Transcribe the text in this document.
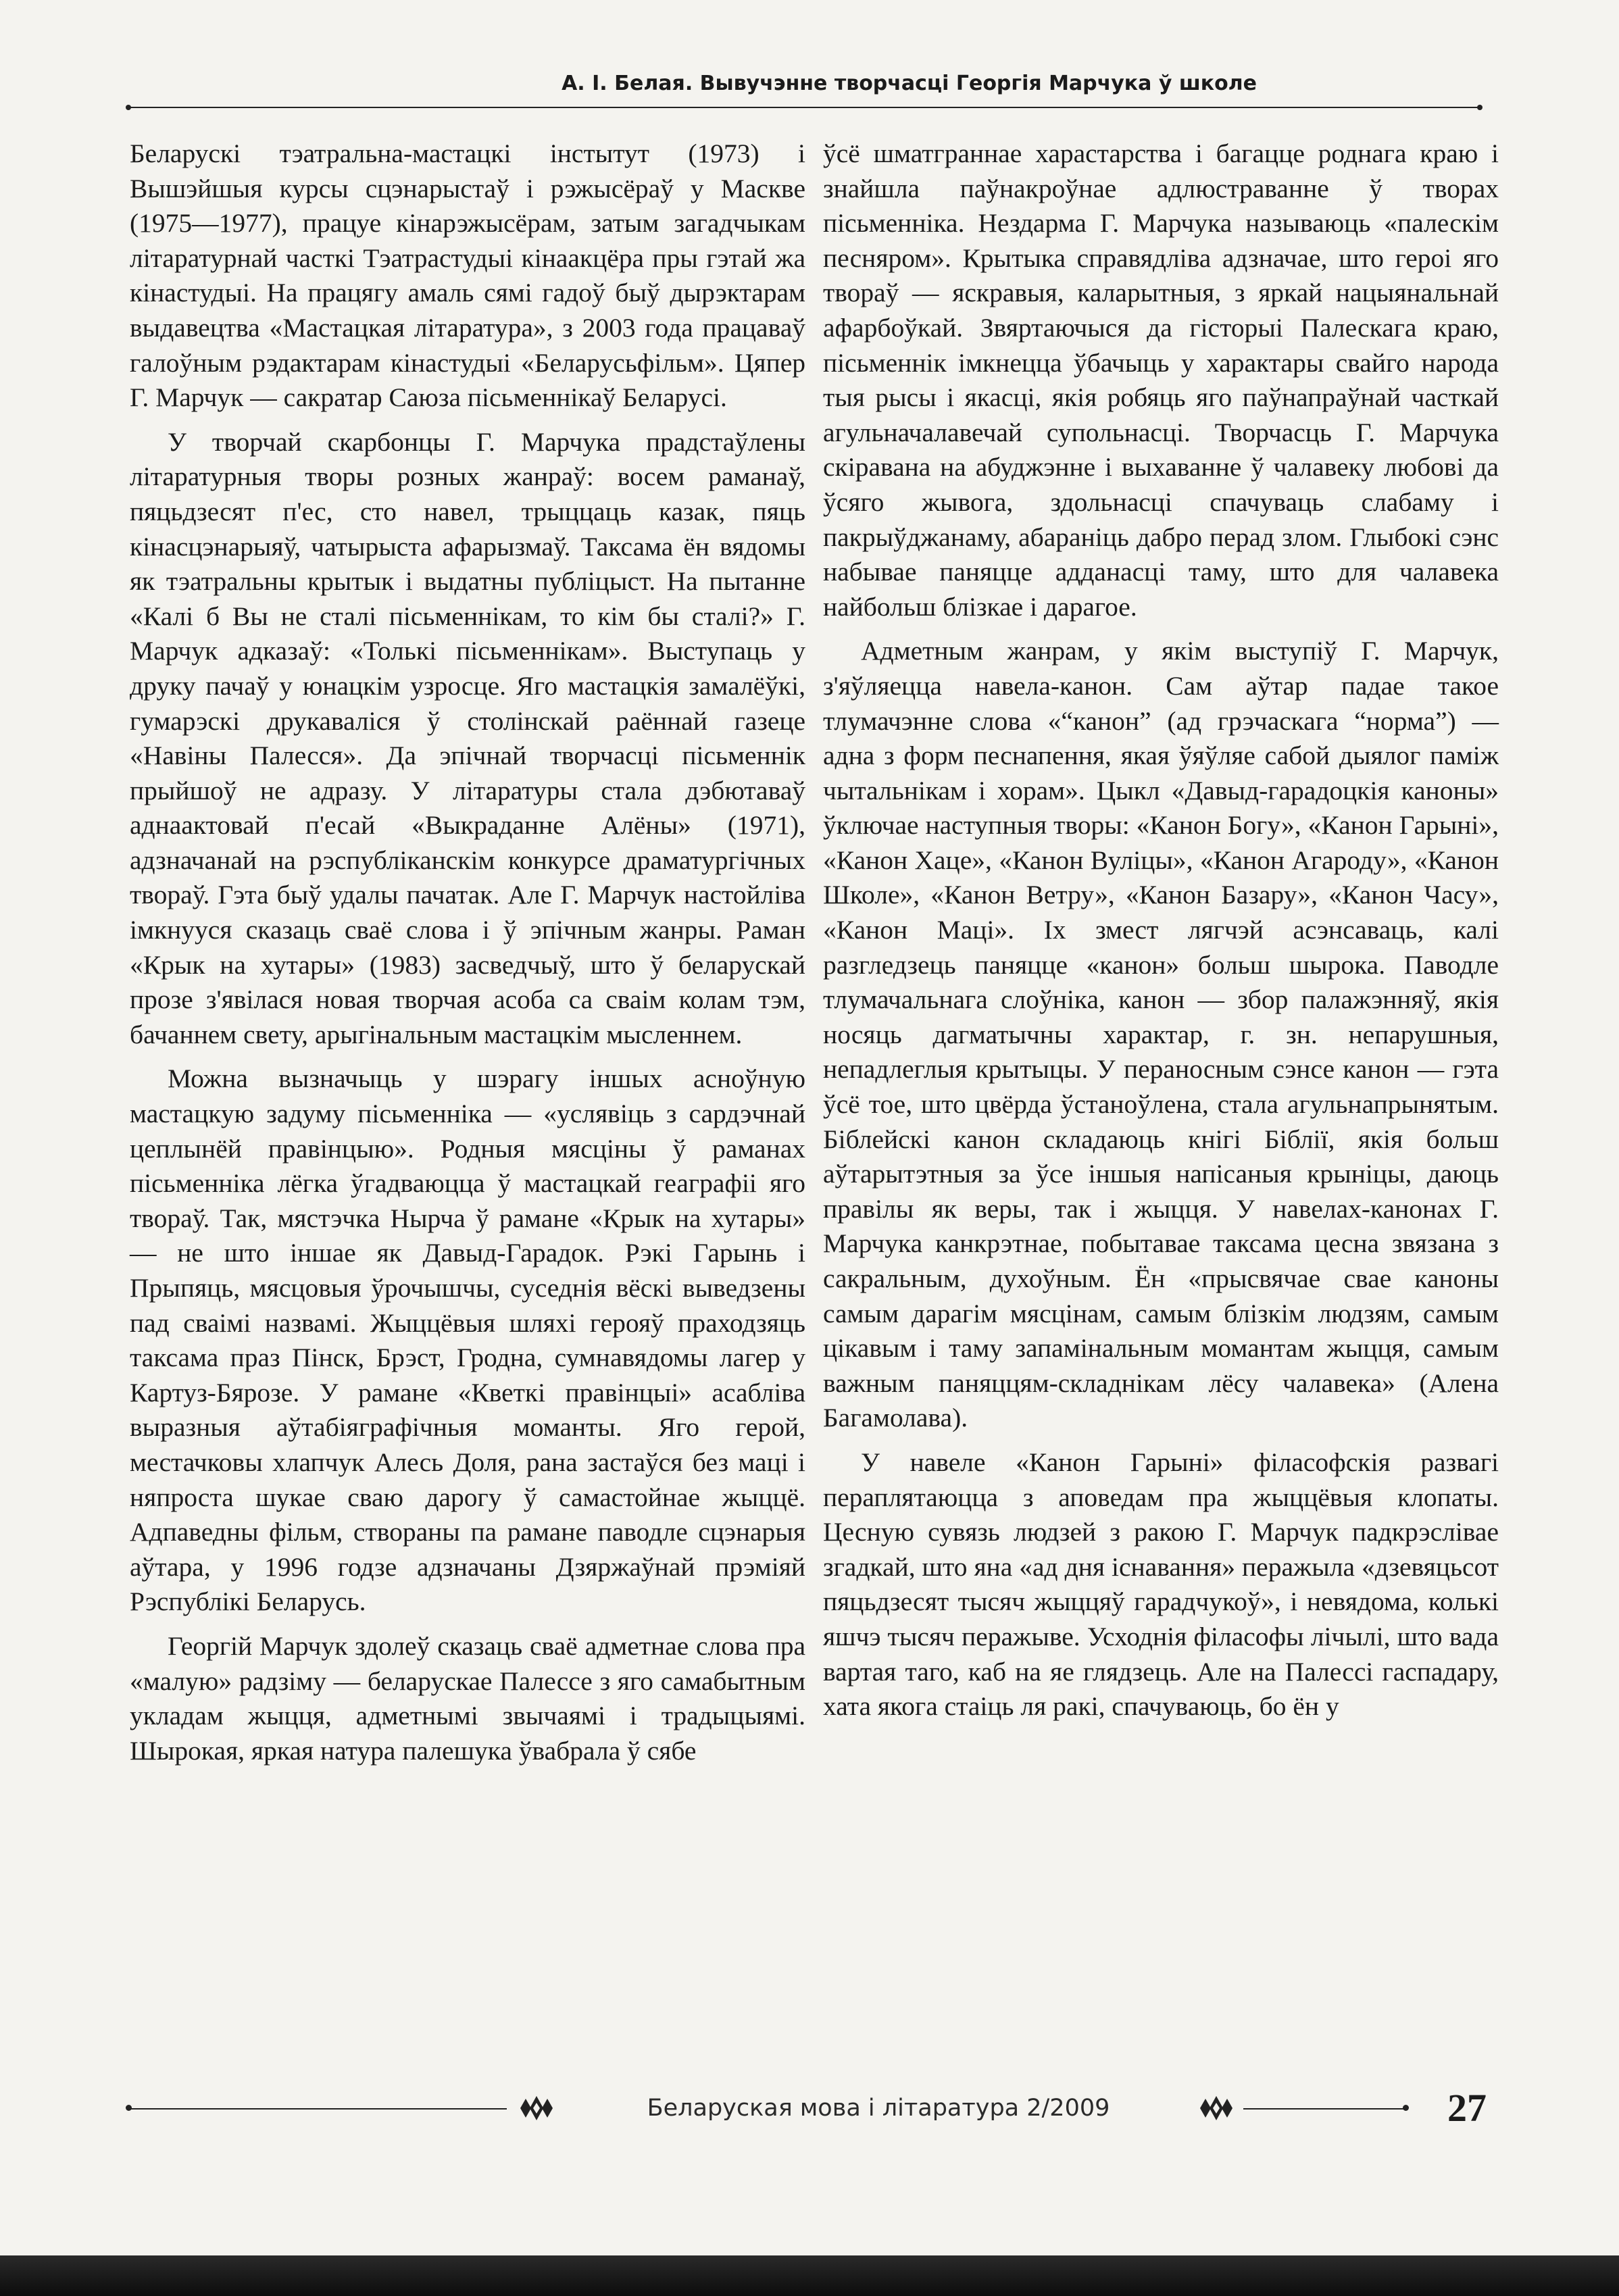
А. І. Белая. Вывучэнне творчасці Георгія Марчука ў школе

Беларускі тэатральна-мастацкі інстытут (1973) і Вышэйшыя курсы сцэнарыстаў і рэжысёраў у Маскве (1975—1977), працуе кінарэжысёрам, затым загадчыкам літаратурнай часткі Тэатрастудыі кінаакцёра пры гэтай жа кінастудыі. На працягу амаль сямі гадоў быў дырэктарам выдавецтва «Мастацкая літаратура», з 2003 года працаваў галоўным рэдактарам кінастудыі «Беларусьфільм». Цяпер Г. Марчук — сакратар Саюза пісьменнікаў Беларусі.

У творчай скарбонцы Г. Марчука прадстаўлены літаратурныя творы розных жанраў: восем раманаў, пяцьдзесят п'ес, сто навел, трыццаць казак, пяць кінасцэнарыяў, чатырыста афарызмаў. Таксама ён вядомы як тэатральны крытык і выдатны публіцыст. На пытанне «Калі б Вы не сталі пісьменнікам, то кім бы сталі?» Г. Марчук адказаў: «Толькі пісьменнікам». Выступаць у друку пачаў у юнацкім узросце. Яго мастацкія замалёўкі, гумарэскі друкаваліся ў столінскай раённай газеце «Навіны Палесся». Да эпічнай творчасці пісьменнік прыйшоў не адразу. У літаратуры стала дэбютаваў аднаактовай п'есай «Выкраданне Алёны» (1971), адзначанай на рэспубліканскім конкурсе драматургічных твораў. Гэта быў удалы пачатак. Але Г. Марчук настойліва імкнууся сказаць сваё слова і ў эпічным жанры. Раман «Крык на хутары» (1983) засведчыў, што ў беларускай прозе з'явілася новая творчая асоба са сваім колам тэм, бачаннем свету, арыгінальным мастацкім мысленнем.

Можна вызначыць у шэрагу іншых асноўную мастацкую задуму пісьменніка — «услявіць з сардэчнай цеплынёй правінцыю». Родныя мясціны ў раманах пісьменніка лёгка ўгадваюцца ў мастацкай геаграфіі яго твораў. Так, мястэчка Нырча ў рамане «Крык на хутары» — не што іншае як Давыд-Гарадок. Рэкі Гарынь і Прыпяць, мясцовыя ўрочышчы, суседнія вёскі выведзены пад сваімі назвамі. Жыццёвыя шляхі герояў праходзяць таксама праз Пінск, Брэст, Гродна, сумнавядомы лагер у Картуз-Бярозе. У рамане «Кветкі правінцыі» асабліва выразныя аўтабіяграфічныя моманты. Яго герой, местачковы хлапчук Алесь Доля, рана застаўся без маці і няпроста шукае сваю дарогу ў самастойнае жыццё. Адпаведны фільм, створаны па рамане паводле сцэнарыя аўтара, у 1996 годзе адзначаны Дзяржаўнай прэміяй Рэспублікі Беларусь.

Георгій Марчук здолеў сказаць сваё адметнае слова пра «малую» радзіму — беларускае Палессе з яго самабытным укладам жыцця, адметнымі звычаямі і традыцыямі. Шырокая, яркая натура палешука ўвабрала ў сябе

ўсё шматграннае харастарства і багацце роднага краю і знайшла паўнакроўнае адлюстраванне ў творах пісьменніка. Нездарма Г. Марчука называюць «палескім песняром». Крытыка справядліва адзначае, што героі яго твораў — яскравыя, каларытныя, з яркай нацыянальнай афарбоўкай. Звяртаючыся да гісторыі Палескага краю, пісьменнік імкнецца ўбачыць у характары свайго народа тыя рысы і якасці, якія робяць яго паўнапраўнай часткай агульначалавечай супольнасці. Творчасць Г. Марчука скіравана на абуджэнне і выхаванне ў чалавеку любові да ўсяго жывога, здольнасці спачуваць слабаму і пакрыўджанаму, абараніць дабро перад злом. Глыбокі сэнс набывае паняцце адданасці таму, што для чалавека найбольш блізкае і дарагое.

Адметным жанрам, у якім выступіў Г. Марчук, з'яўляецца навела-канон. Сам аўтар падае такое тлумачэнне слова «“канон” (ад грэчаскага “норма”) — адна з форм песнапення, якая ўяўляе сабой дыялог паміж чытальнікам і хорам». Цыкл «Давыд-гарадоцкія каноны» ўключае наступныя творы: «Канон Богу», «Канон Гарыні», «Канон Хаце», «Канон Вуліцы», «Канон Агароду», «Канон Школе», «Канон Ветру», «Канон Базару», «Канон Часу», «Канон Маці». Іх змест лягчэй асэнсаваць, калі разгледзець паняцце «канон» больш шырока. Паводле тлумачальнага слоўніка, канон — збор палажэнняў, якія носяць дагматычны характар, г. зн. непарушныя, непадлеглыя крытыцы. У пераносным сэнсе канон — гэта ўсё тое, што цвёрда ўстаноўлена, стала агульнапрынятым. Біблейскі канон складаюць кнігі Біблії, якія больш аўтарытэтныя за ўсе іншыя напісаныя крыніцы, даюць правілы як веры, так і жыцця. У навелах-канонах Г. Марчука канкрэтнае, побытавае таксама цесна звязана з сакральным, духоўным. Ён «прысвячае свае каноны самым дарагім мясцінам, самым блізкім людзям, самым цікавым і таму запамінальным момантам жыцця, самым важным паняццям-складнікам лёсу чалавека» (Алена Багамолава).

У навеле «Канон Гарыні» філасофскія развагі пераплятаюцца з аповедам пра жыццёвыя клопаты. Цесную сувязь людзей з ракою Г. Марчук падкрэслівае згадкай, што яна «ад дня існавання» перажыла «дзевяцьсот пяцьдзесят тысяч жыццяў гарадчукоў», і невядома, колькі яшчэ тысяч перажыве. Усходнія філасофы лічылі, што вада вартая таго, каб на яе глядзець. Але на Палессі гаспадару, хата якога стаіць ля ракі, спачуваюць, бо ён у

Беларуская мова і літаратура 2/2009	27
